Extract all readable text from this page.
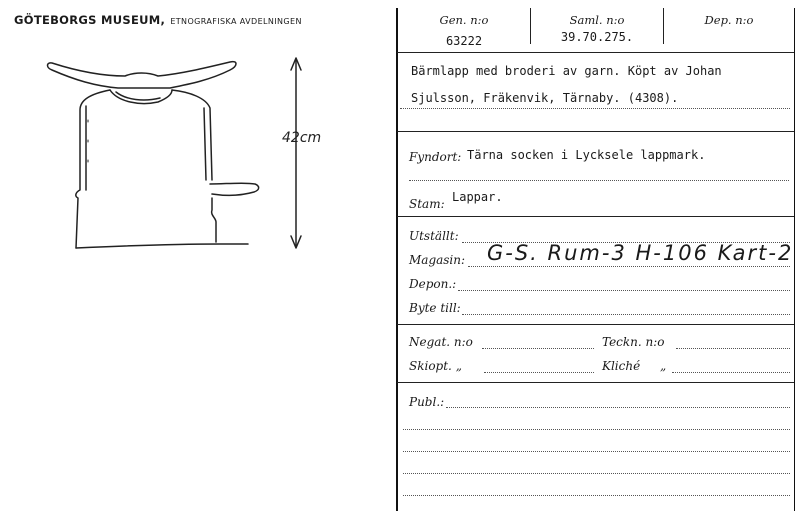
GÖTEBORGS MUSEUM, ETNOGRAFISKA AVDELNINGEN
42cm
Gen. n:o
63222
Saml. n:o
39.70.275.
Dep. n:o
Bärmlapp med broderi av garn. Köpt av Johan
Sjulsson, Fräkenvik, Tärnaby. (4308).
Fyndort: Tärna socken i Lycksele lappmark.
Stam: Lappar.
Utställt:
Magasin: G-S. Rum-3 H-106 Kart-2
Depon.:
Byte till:
Negat. n:o	Teckn. n:o
Skiopt. „	Kliché „
Publ.:
